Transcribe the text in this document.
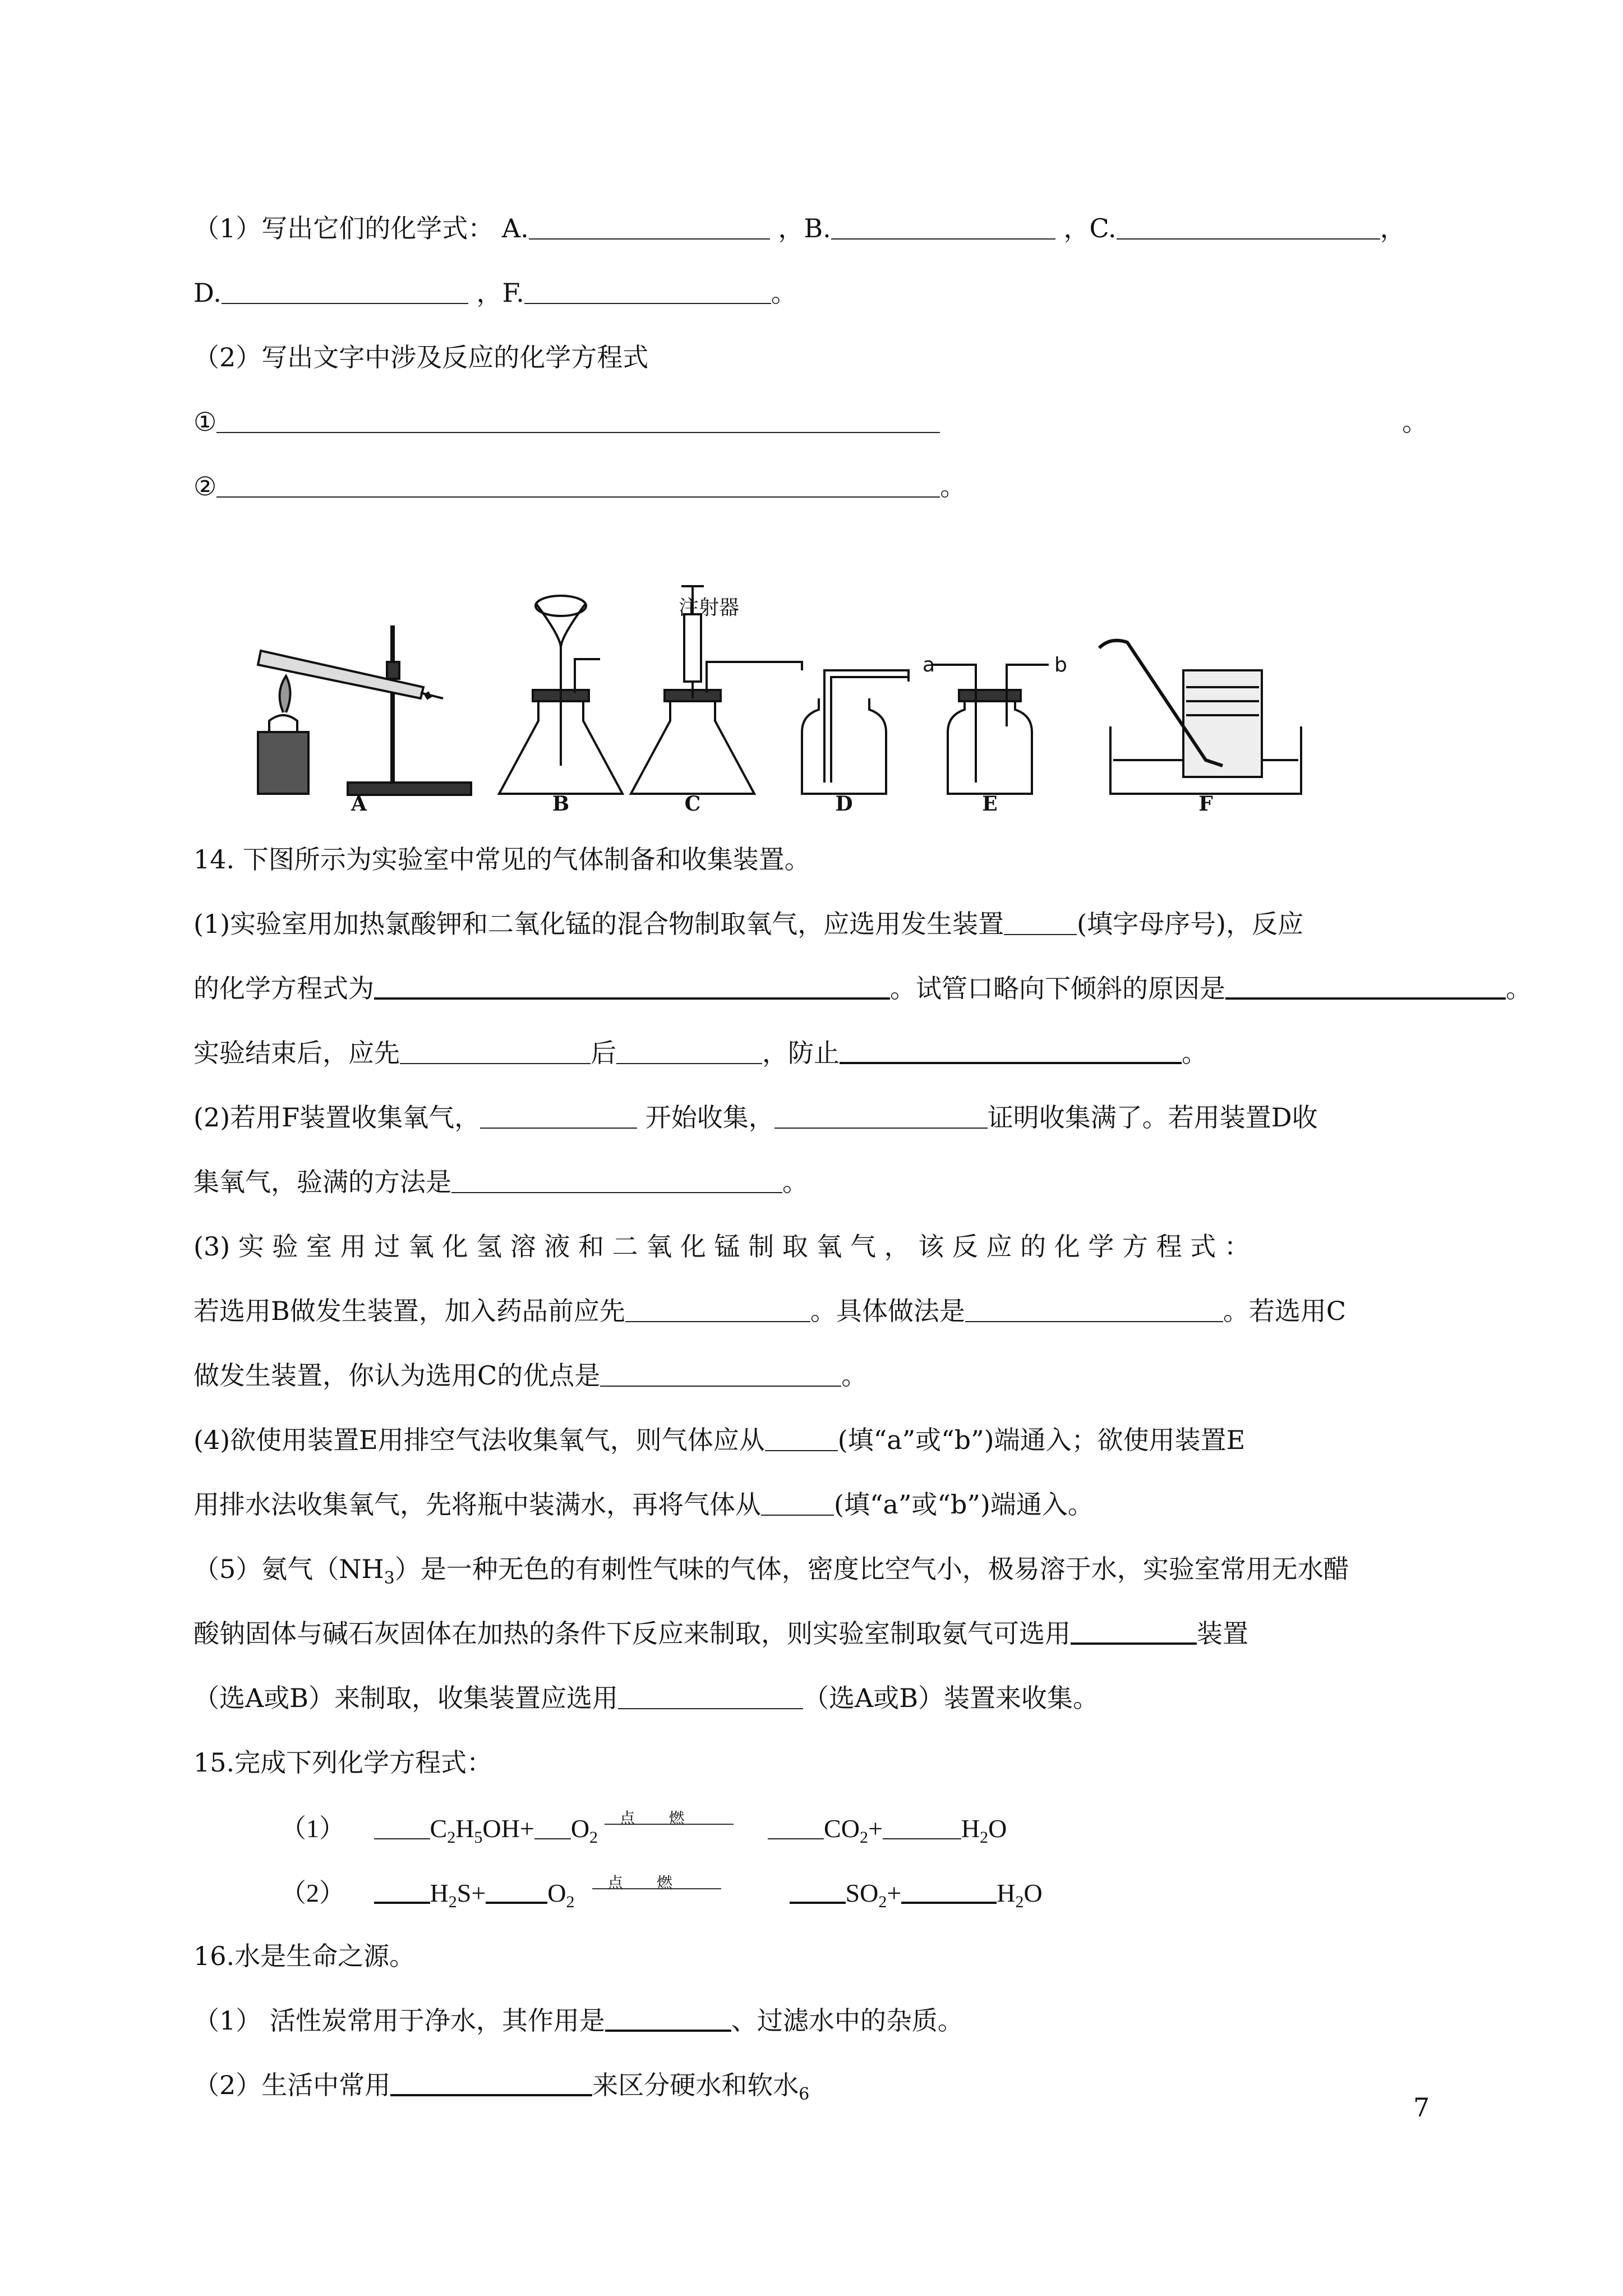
（1）写出它们的化学式： A.	，B.	，C.	，
D.	，F.	。
（2）写出文字中涉及反应的化学方程式
①	。
②	。
注射器
a	b
A	B	C	D	E	F
14. 下图所示为实验室中常见的气体制备和收集装置。
(1)实验室用加热氯酸钾和二氧化锰的混合物制取氧气，应选用发生装置	(填字母序号)，反应
的化学方程式为	。试管口略向下倾斜的原因是	。
实验结束后，应先	后	，防止	。
(2)若用F装置收集氧气，	开始收集，	证明收集满了。若用装置D收
集氧气，验满的方法是	。
(3) 实 验 室 用 过 氧 化 氢 溶 液 和 二 氧 化 锰 制 取 氧 气 ， 该 反 应 的 化 学 方 程 式 ：
若选用B做发生装置，加入药品前应先	。具体做法是	。若选用C
做发生装置，你认为选用C的优点是	。
(4)欲使用装置E用排空气法收集氧气，则气体应从	(填“a”或“b”)端通入；欲使用装置E
用排水法收集氧气，先将瓶中装满水，再将气体从	(填“a”或“b”)端通入。
（5）氨气$(NH_3)$是一种无色的有刺性气味的气体，密度比空气小，极易溶于水，实验室常用无水醋
酸钠固体与碱石灰固体在加热的条件下反应来制取，则实验室制取氨气可选用	装置
（选A或B）来制取，收集装置应选用	（选A或B）装置来收集。
15.完成下列化学方程式：
（1）	$C_2H_5OH+ O_2$
点燃	$CO_2+$	$H_2O$
（2）	$H_2S+ O_2$
点燃	$SO_2+$	$H_2O$
16.水是生命之源。
（1） 活性炭常用于净水，其作用是	、过滤水中的杂质。
（2）生活中常用	来区分硬水和软水$_6$	7
